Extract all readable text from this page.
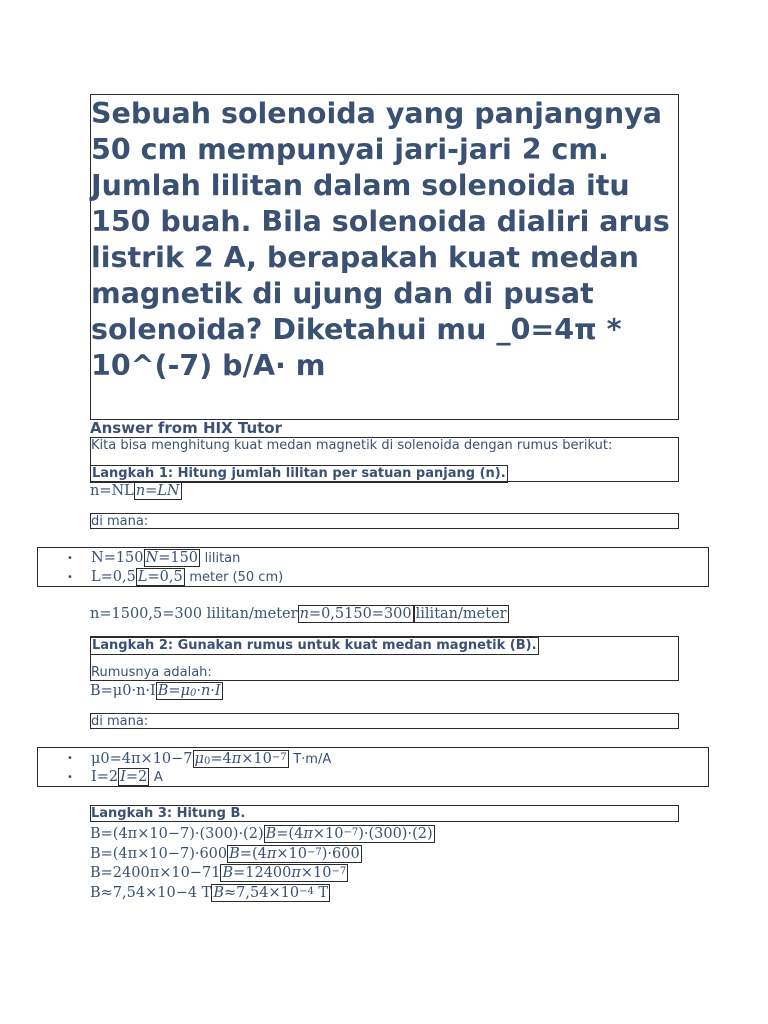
Sebuah solenoida yang panjangnya 50 cm mempunyai jari-jari 2 cm. Jumlah lilitan dalam solenoida itu 150 buah. Bila solenoida dialiri arus listrik 2 A, berapakah kuat medan magnetik di ujung dan di pusat solenoida? Diketahui mu _0=4π * 10^(-7) b/A· m
Answer from HIX Tutor
Kita bisa menghitung kuat medan magnetik di solenoida dengan rumus berikut:
Langkah 1: Hitung jumlah lilitan per satuan panjang (n).
n=NL n=LN
di mana:
• N=150 N=150 lilitan
• L=0,5 L=0,5 meter (50 cm)
n=1500,5=300 lilitan/meter n=0,5150=300 lilitan/meter
Langkah 2: Gunakan rumus untuk kuat medan magnetik (B).
Rumusnya adalah:
B=μ0·n·I B=μ0·n·I
di mana:
• μ0=4π×10−7 $\mu 0=4\pi\times 10^{-7}$ T·m/A
• I=2 I=2 A
Langkah 3: Hitung B.
B=(4π×10−7)·(300)·(2) $B=(4\pi\times 10^{-7})\cdot(300)\cdot(2)$
B=(4π×10−7)·600 $B=(4\pi\times 10^{-7})\cdot 600$
B=2400π×10−71 $B=12400\pi\times 10^{-7}$
B≈7,54×10−4 T $B\approx 7,54\times 10^{-4}$ T
